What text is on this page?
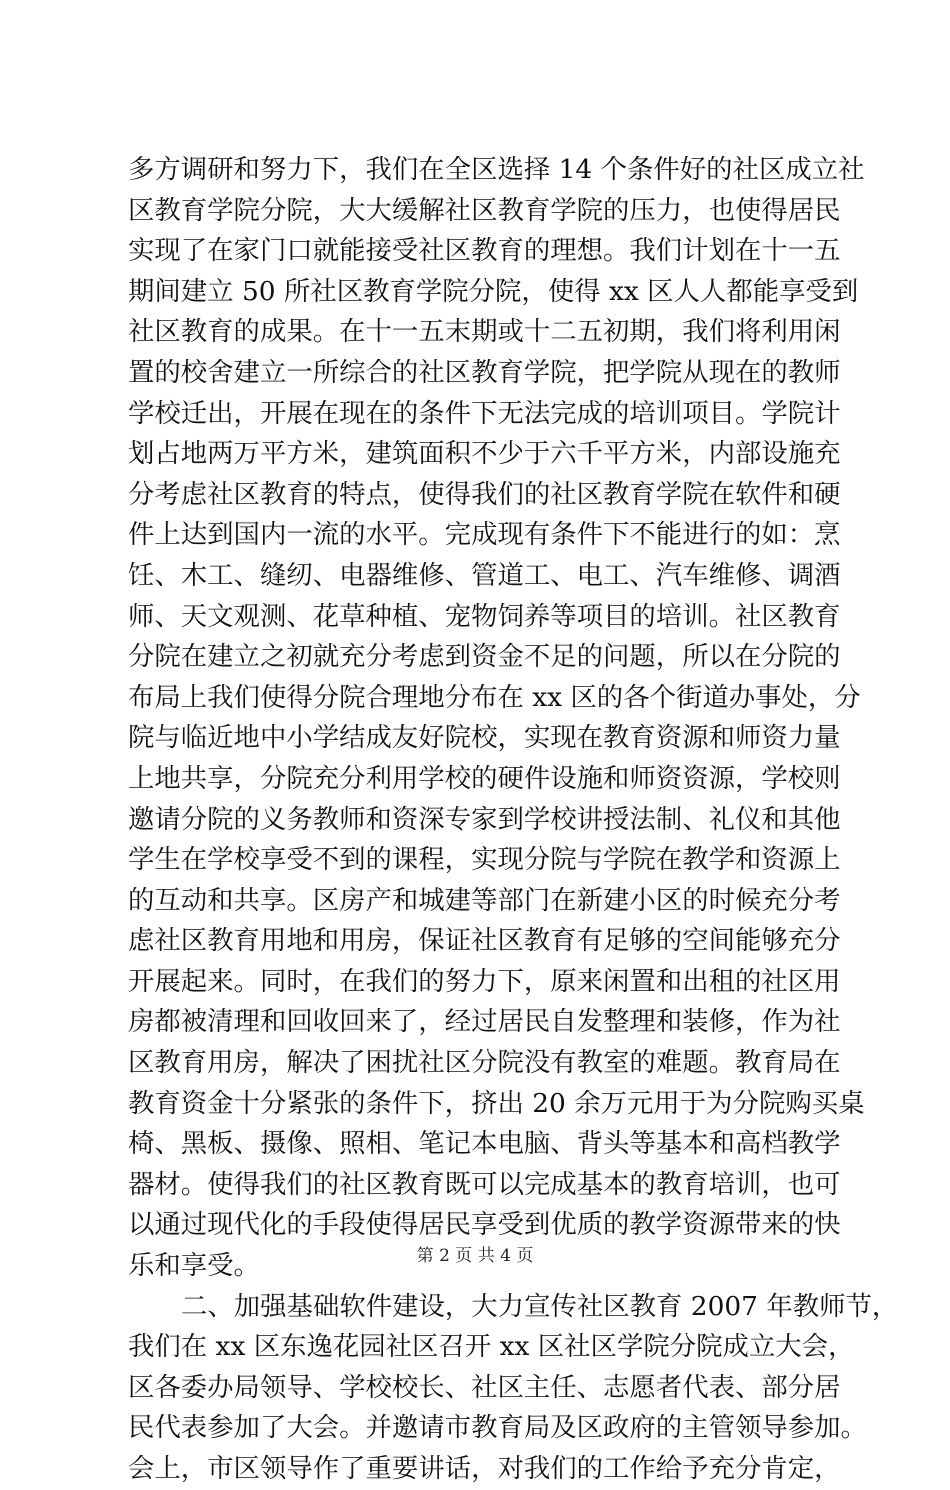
多方调研和努力下，我们在全区选择 14 个条件好的社区成立社
区教育学院分院，大大缓解社区教育学院的压力，也使得居民
实现了在家门口就能接受社区教育的理想。我们计划在十一五
期间建立 50 所社区教育学院分院，使得 xx 区人人都能享受到
社区教育的成果。在十一五末期或十二五初期，我们将利用闲
置的校舍建立一所综合的社区教育学院，把学院从现在的教师
学校迁出，开展在现在的条件下无法完成的培训项目。学院计
划占地两万平方米，建筑面积不少于六千平方米，内部设施充
分考虑社区教育的特点，使得我们的社区教育学院在软件和硬
件上达到国内一流的水平。完成现有条件下不能进行的如：烹
饪、木工、缝纫、电器维修、管道工、电工、汽车维修、调酒
师、天文观测、花草种植、宠物饲养等项目的培训。社区教育
分院在建立之初就充分考虑到资金不足的问题，所以在分院的
布局上我们使得分院合理地分布在 xx 区的各个街道办事处，分
院与临近地中小学结成友好院校，实现在教育资源和师资力量
上地共享，分院充分利用学校的硬件设施和师资资源，学校则
邀请分院的义务教师和资深专家到学校讲授法制、礼仪和其他
学生在学校享受不到的课程，实现分院与学院在教学和资源上
的互动和共享。区房产和城建等部门在新建小区的时候充分考
虑社区教育用地和用房，保证社区教育有足够的空间能够充分
开展起来。同时，在我们的努力下，原来闲置和出租的社区用
房都被清理和回收回来了，经过居民自发整理和装修，作为社
区教育用房，解决了困扰社区分院没有教室的难题。教育局在
教育资金十分紧张的条件下，挤出 20 余万元用于为分院购买桌
椅、黑板、摄像、照相、笔记本电脑、背头等基本和高档教学
器材。使得我们的社区教育既可以完成基本的教育培训，也可
以通过现代化的手段使得居民享受到优质的教学资源带来的快
乐和享受。
二、加强基础软件建设，大力宣传社区教育 2007 年教师节，
我们在 xx 区东逸花园社区召开 xx 区社区学院分院成立大会，
区各委办局领导、学校校长、社区主任、志愿者代表、部分居
民代表参加了大会。并邀请市教育局及区政府的主管领导参加。
会上，市区领导作了重要讲话，对我们的工作给予充分肯定，
第 2 页 共 4 页
